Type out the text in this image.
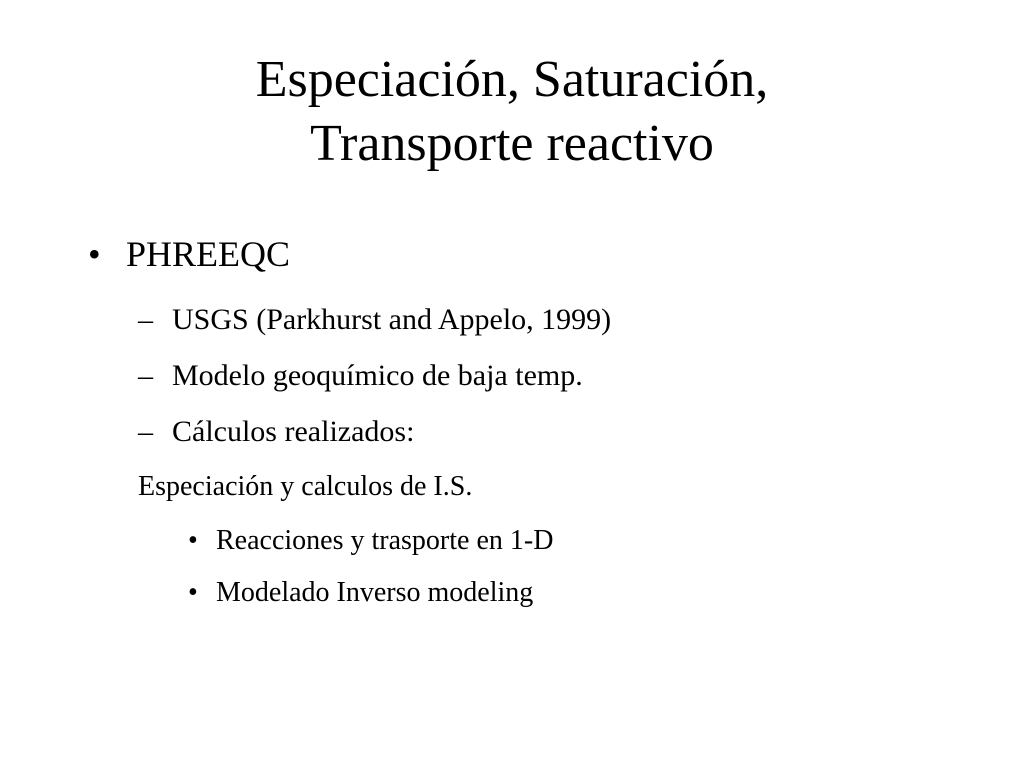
Especiación, Saturación,
Transporte reactivo
• PHREEQC
– USGS (Parkhurst and Appelo, 1999)
– Modelo geoquímico de baja temp.
– Cálculos realizados:
Especiación y calculos de I.S.
• Reacciones y trasporte en 1-D
• Modelado Inverso modeling
